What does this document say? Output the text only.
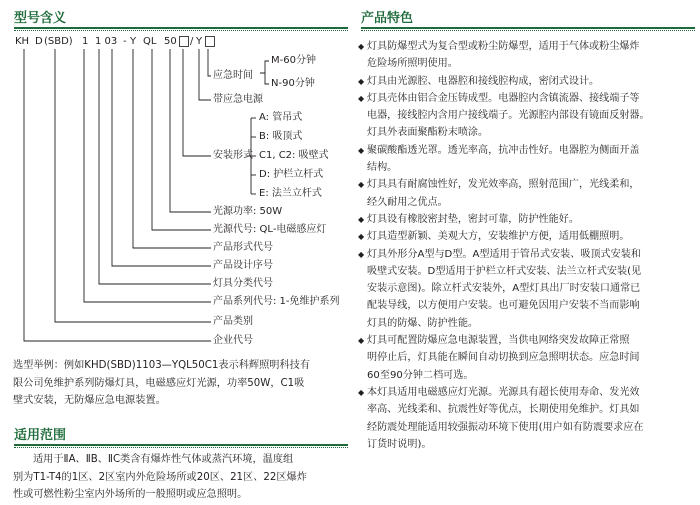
型号含义
KH D (SBD) 1 1 03 - Y QL 50 / Y
应急时间
M-60分钟
N-90分钟
带应急电源
安装形式
A: 管吊式
B: 吸顶式
C1, C2: 吸壁式
D: 护栏立杆式
E: 法兰立杆式
光源功率: 50W
光源代号: QL-电磁感应灯
产品形式代号
产品设计序号
灯具分类代号
产品系列代号: 1-免维护系列
产品类别
企业代号
选型举例：例如KHD(SBD)1103—YQL50C1表示科辉照明科技有
限公司免维护系列防爆灯具，电磁感应灯光源，功率50W，C1吸
壁式安装，无防爆应急电源装置。
适用范围
适用于ⅡA、ⅡB、ⅡC类含有爆炸性气体或蒸汽环境，温度组
别为T1-T4的1区、2区室内外危险场所或20区、21区、22区爆炸
性或可燃性粉尘室内外场所的一般照明或应急照明。
产品特色
◆ 灯具防爆型式为复合型或粉尘防爆型，适用于气体或粉尘爆炸
危险场所照明使用。
◆ 灯具由光源腔、电器腔和接线腔构成，密闭式设计。
◆ 灯具壳体由铝合金压铸成型。电器腔内含镇流器、接线端子等
电器，接线腔内含用户接线端子。光源腔内部设有镜面反射器。
灯具外表面聚酯粉末喷涂。
◆ 聚碳酸酯透光罩。透光率高，抗冲击性好。电器腔为侧面开盖
结构。
◆ 灯具具有耐腐蚀性好，发光效率高，照射范围广，光线柔和，
经久耐用之优点。
◆ 灯具设有橡胶密封垫，密封可靠，防护性能好。
◆ 灯具造型新颖、美观大方，安装维护方便，适用低棚照明。
◆ 灯具外形分A型与D型。A型适用于管吊式安装、吸顶式安装和
吸壁式安装。D型适用于护栏立杆式安装、法兰立杆式安装(见
安装示意图)。除立杆式安装外，A型灯具出厂时安装口通常已
配装导线，以方便用户安装。也可避免因用户安装不当而影响
灯具的防爆、防护性能。
◆ 灯具可配置防爆应急电源装置，当供电网络突发故障正常照
明停止后，灯具能在瞬间自动切换到应急照明状态。应急时间
60至90分钟二档可选。
◆ 本灯具适用电磁感应灯光源。光源具有超长使用寿命、发光效
率高、光线柔和、抗震性好等优点，长期使用免维护。灯具如
经防震处理能适用较强振动环境下使用(用户如有防震要求应在
订货时说明)。
